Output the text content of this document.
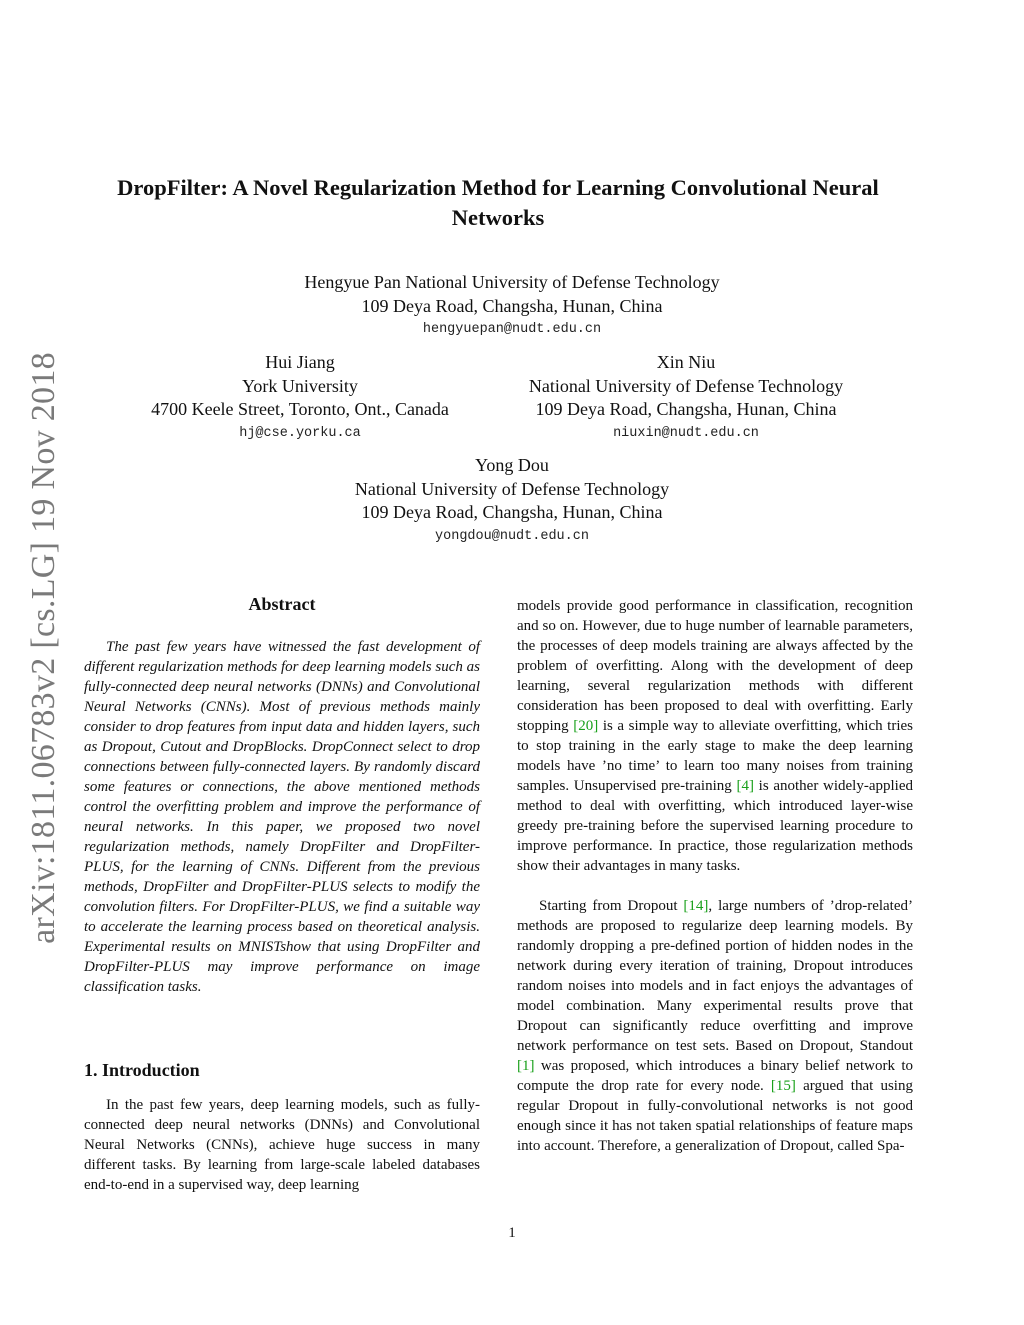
arXiv:1811.06783v2 [cs.LG] 19 Nov 2018
DropFilter: A Novel Regularization Method for Learning Convolutional Neural Networks
Hengyue Pan National University of Defense Technology
109 Deya Road, Changsha, Hunan, China
hengyuepan@nudt.edu.cn
Hui Jiang
York University
4700 Keele Street, Toronto, Ont., Canada
hj@cse.yorku.ca
Xin Niu
National University of Defense Technology
109 Deya Road, Changsha, Hunan, China
niuxin@nudt.edu.cn
Yong Dou
National University of Defense Technology
109 Deya Road, Changsha, Hunan, China
yongdou@nudt.edu.cn
Abstract

The past few years have witnessed the fast development of different regularization methods for deep learning models such as fully-connected deep neural networks (DNNs) and Convolutional Neural Networks (CNNs). Most of previous methods mainly consider to drop features from input data and hidden layers, such as Dropout, Cutout and DropBlocks. DropConnect select to drop connections between fully-connected layers. By randomly discard some features or connections, the above mentioned methods control the overfitting problem and improve the performance of neural networks. In this paper, we proposed two novel regularization methods, namely DropFilter and DropFilter-PLUS, for the learning of CNNs. Different from the previous methods, DropFilter and DropFilter-PLUS selects to modify the convolution filters. For DropFilter-PLUS, we find a suitable way to accelerate the learning process based on theoretical analysis. Experimental results on MNISTshow that using DropFilter and DropFilter-PLUS may improve performance on image classification tasks.

1. Introduction

In the past few years, deep learning models, such as fully-connected deep neural networks (DNNs) and Convolutional Neural Networks (CNNs), achieve huge success in many different tasks. By learning from large-scale labeled databases end-to-end in a supervised way, deep learning

models provide good performance in classification, recognition and so on. However, due to huge number of learnable parameters, the processes of deep models training are always affected by the problem of overfitting. Along with the development of deep learning, several regularization methods with different consideration has been proposed to deal with overfitting. Early stopping [20] is a simple way to alleviate overfitting, which tries to stop training in the early stage to make the deep learning models have ’no time’ to learn too many noises from training samples. Unsupervised pre-training [4] is another widely-applied method to deal with overfitting, which introduced layer-wise greedy pre-training before the supervised learning procedure to improve performance. In practice, those regularization methods show their advantages in many tasks.

Starting from Dropout [14], large numbers of ’drop-related’ methods are proposed to regularize deep learning models. By randomly dropping a pre-defined portion of hidden nodes in the network during every iteration of training, Dropout introduces random noises into models and in fact enjoys the advantages of model combination. Many experimental results prove that Dropout can significantly reduce overfitting and improve network performance on test sets. Based on Dropout, Standout [1] was proposed, which introduces a binary belief network to compute the drop rate for every node. [15] argued that using regular Dropout in fully-convolutional networks is not good enough since it has not taken spatial relationships of feature maps into account. Therefore, a generalization of Dropout, called Spa-

1
